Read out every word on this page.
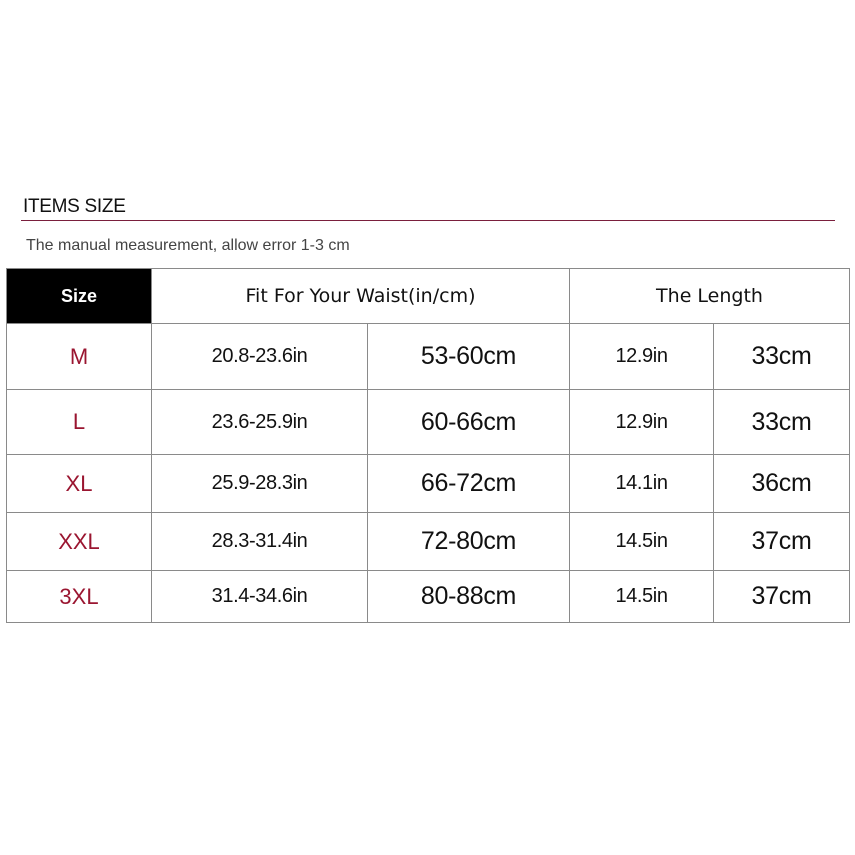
ITEMS SIZE
The manual measurement, allow error 1-3 cm
Size	Fit For Your Waist(in/cm)		The Length	
M	20.8-23.6in	53-60cm	12.9in	33cm
L	23.6-25.9in	60-66cm	12.9in	33cm
XL	25.9-28.3in	66-72cm	14.1in	36cm
XXL	28.3-31.4in	72-80cm	14.5in	37cm
3XL	31.4-34.6in	80-88cm	14.5in	37cm
